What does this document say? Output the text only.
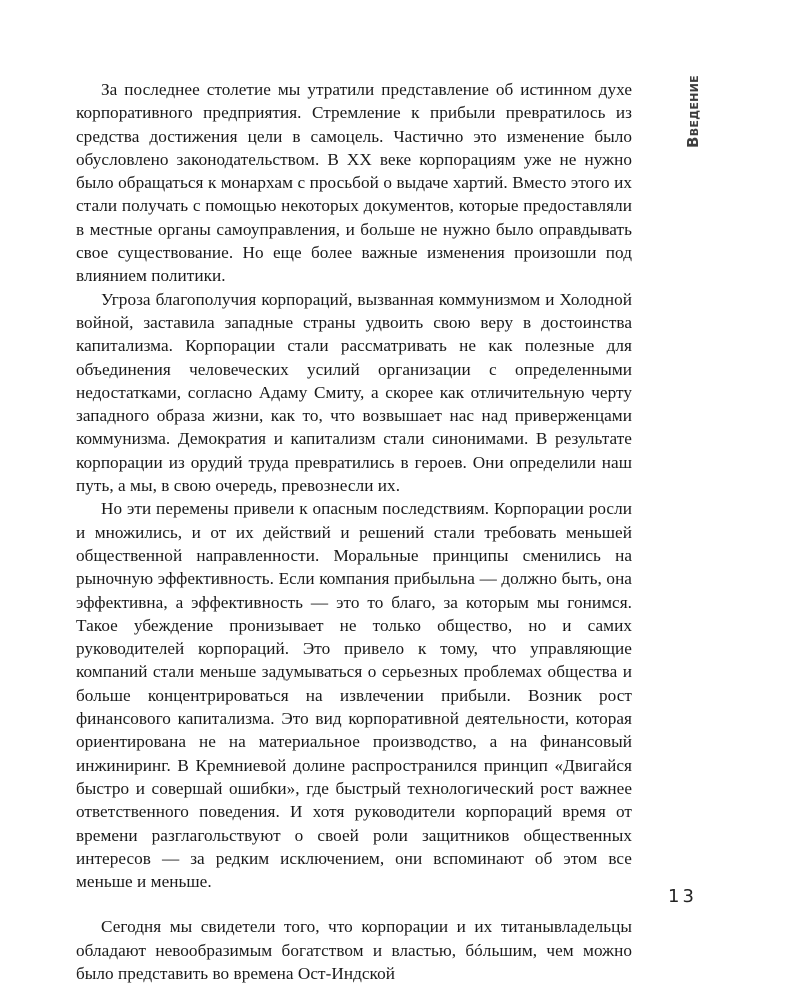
Введение

За последнее столетие мы утратили представление об истинном духе корпоративного предприятия. Стремление к прибыли превратилось из средства достижения цели в самоцель. Частично это изменение было обусловлено законодательством. В XX веке корпорациям уже не нужно было обращаться к монархам с просьбой о выдаче хартий. Вместо этого их стали получать с помощью некоторых документов, которые предоставляли в местные органы самоуправления, и больше не нужно было оправдывать свое существование. Но еще более важные изменения произошли под влиянием политики.

Угроза благополучия корпораций, вызванная коммунизмом и Холодной войной, заставила западные страны удвоить свою веру в достоинства капитализма. Корпорации стали рассматривать не как полезные для объединения человеческих усилий организации с определенными недостатками, согласно Адаму Смиту, а скорее как отличительную черту западного образа жизни, как то, что возвышает нас над приверженцами коммунизма. Демократия и капитализм стали синонимами. В результате корпорации из орудий труда превратились в героев. Они определили наш путь, а мы, в свою очередь, превознесли их.

Но эти перемены привели к опасным последствиям. Корпорации росли и множились, и от их действий и решений стали требовать меньшей общественной направленности. Моральные принципы сменились на рыночную эффективность. Если компания прибыльна — должно быть, она эффективна, а эффективность — это то благо, за которым мы гонимся. Такое убеждение пронизывает не только общество, но и самих руководителей корпораций. Это привело к тому, что управляющие компаний стали меньше задумываться о серьезных проблемах общества и больше концентрироваться на извлечении прибыли. Возник рост финансового капитализма. Это вид корпоративной деятельности, которая ориентирована не на материальное производство, а на финансовый инжиниринг. В Кремниевой долине распространился принцип «Двигайся быстро и совершай ошибки», где быстрый технологический рост важнее ответственного поведения. И хотя руководители корпораций время от времени разглагольствуют о своей роли защитников общественных интересов — за редким исключением, они вспоминают об этом все меньше и меньше.

Сегодня мы свидетели того, что корпорации и их титанывладельцы обладают невообразимым богатством и властью, бóльшим, чем можно было представить во времена Ост-Индской

13
